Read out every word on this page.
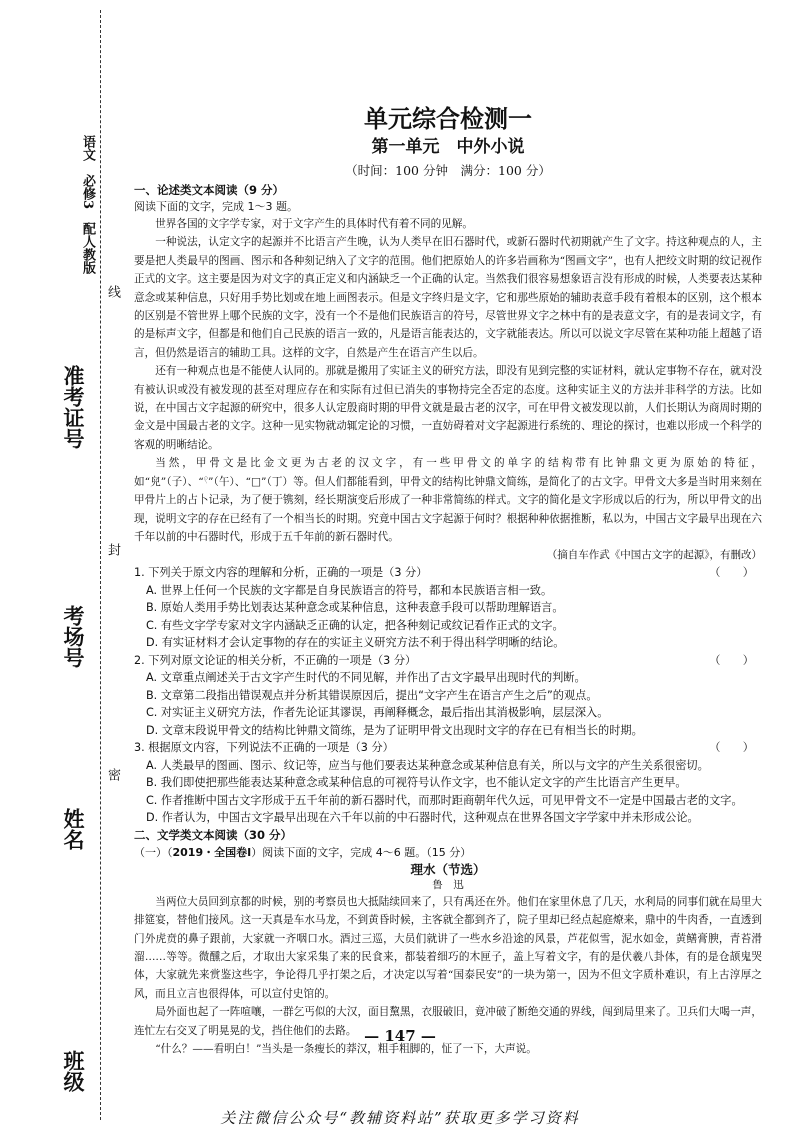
语文　必修3　配人教版
线
封
密
准考证号
考场号
姓名
班级
单元综合检测一
第一单元　中外小说

（时间：100 分钟　满分：100 分）

一、论述类文本阅读（9 分）

阅读下面的文字，完成 1～3 题。

世界各国的文字学专家，对于文字产生的具体时代有着不同的见解。

一种说法，认定文字的起源并不比语言产生晚，认为人类早在旧石器时代，或新石器时代初期就产生了文字。持这种观点的人，主要是把人类最早的图画、图示和各种刻记纳入了文字的范围。他们把原始人的许多岩画称为“图画文字”，也有人把绞文时期的纹记视作正式的文字。这主要是因为对文字的真正定义和内涵缺乏一个正确的认定。当然我们很容易想象语言没有形成的时候，人类要表达某种意念或某种信息，只好用手势比划或在地上画图表示。但是文字终归是文字，它和那些原始的辅助表意手段有着根本的区别，这个根本的区别是不管世界上哪个民族的文字，没有一个不是他们民族语言的符号，尽管世界文字之林中有的是表意文字，有的是表词文字，有的是标声文字，但都是和他们自己民族的语言一致的，凡是语言能表达的，文字就能表达。所以可以说文字尽管在某种功能上超越了语言，但仍然是语言的辅助工具。这样的文字，自然是产生在语言产生以后。

还有一种观点也是不能使人认同的。那就是搬用了实证主义的研究方法，即没有见到完整的实证材料，就认定事物不存在，就对没有被认识或没有被发现的甚至对理应存在和实际有过但已消失的事物持完全否定的态度。这种实证主义的方法并非科学的方法。比如说，在中国古文字起源的研究中，很多人认定殷商时期的甲骨文就是最古老的汉字，可在甲骨文被发现以前，人们长期认为商周时期的金文是中国最古老的文字。这种一见实物就动辄定论的习惯，一直妨碍着对文字起源进行系统的、理论的探讨，也难以形成一个科学的客观的明晰结论。

当然，甲骨文是比金文更为古老的汉文字，有一些甲骨文的单字的结构带有比钟鼎文更为原始的特征，如“𠒇”（子）、“𓍢”（午）、“□”（丁）等。但人们都能看到，甲骨文的结构比钟鼎文简练，是简化了的古文字。甲骨文大多是当时用来刻在甲骨片上的占卜记录，为了便于镌刻，经长期演变后形成了一种非常简练的样式。文字的简化是文字形成以后的行为，所以甲骨文的出现，说明文字的存在已经有了一个相当长的时期。究竟中国古文字起源于何时？根据种种依据推断，私以为，中国古文字最早出现在六千年以前的中石器时代，形成于五千年前的新石器时代。

（摘自车作武《中国古文字的起源》，有删改）

1. 下列关于原文内容的理解和分析，正确的一项是（3 分）	（　　）

A. 世界上任何一个民族的文字都是自身民族语言的符号，都和本民族语言相一致。

B. 原始人类用手势比划表达某种意念或某种信息，这种表意手段可以帮助理解语言。

C. 有些文字学专家对文字内涵缺乏正确的认定，把各种刻记或纹记看作正式的文字。

D. 有实证材料才会认定事物的存在的实证主义研究方法不利于得出科学明晰的结论。

2. 下列对原文论证的相关分析，不正确的一项是（3 分）	（　　）

A. 文章重点阐述关于古文字产生时代的不同见解，并作出了古文字最早出现时代的判断。

B. 文章第二段指出错误观点并分析其错误原因后，提出“文字产生在语言产生之后”的观点。

C. 对实证主义研究方法，作者先论证其谬误，再阐释概念，最后指出其消极影响，层层深入。

D. 文章末段说甲骨文的结构比钟鼎文简练，是为了证明甲骨文出现时文字的存在已有相当长的时期。

3. 根据原文内容，下列说法不正确的一项是（3 分）	（　　）

A. 人类最早的图画、图示、纹记等，应当与他们要表达某种意念或某种信息有关，所以与文字的产生关系很密切。

B. 我们即使把那些能表达某种意念或某种信息的可视符号认作文字，也不能认定文字的产生比语言产生更早。

C. 作者推断中国古文字形成于五千年前的新石器时代，而那时距商朝年代久远，可见甲骨文不一定是中国最古老的文字。

D. 作者认为，中国古文字最早出现在六千年以前的中石器时代，这种观点在世界各国文字学家中并未形成公论。

二、文学类文本阅读（30 分）

（一）（2019・全国卷Ⅰ）阅读下面的文字，完成 4～6 题。（15 分）

理水（节选）

鲁　迅

当两位大员回到京都的时候，别的考察员也大抵陆续回来了，只有禹还在外。他们在家里休息了几天，水利局的同事们就在局里大排筵宴，替他们接风。这一天真是车水马龙，不到黄昏时候，主客就全都到齐了，院子里却已经点起庭燎来，鼎中的牛肉香，一直透到门外虎贲的鼻子跟前，大家就一齐咽口水。酒过三巡，大员们就讲了一些水乡沿途的风景，芦花似雪，泥水如金，黄鳝膏腴，青苔滑溜……等等。微醺之后，才取出大家采集了来的民食来，都装着细巧的木匣子，盖上写着文字，有的是伏羲八卦体，有的是仓颉鬼哭体，大家就先来赏鉴这些字，争论得几乎打架之后，才决定以写着“国泰民安”的一块为第一，因为不但文字质朴难识，有上古淳厚之风，而且立言也很得体，可以宣付史馆的。

局外面也起了一阵喧嚷，一群乞丐似的大汉，面目黧黑，衣服破旧，竟冲破了断绝交通的界线，闯到局里来了。卫兵们大喝一声，连忙左右交叉了明晃晃的戈，挡住他们的去路。

“什么？——看明白！”当头是一条瘦长的莽汉，粗手粗脚的，怔了一下，大声说。

— 147 —
关注微信公众号“教辅资料站”获取更多学习资料
